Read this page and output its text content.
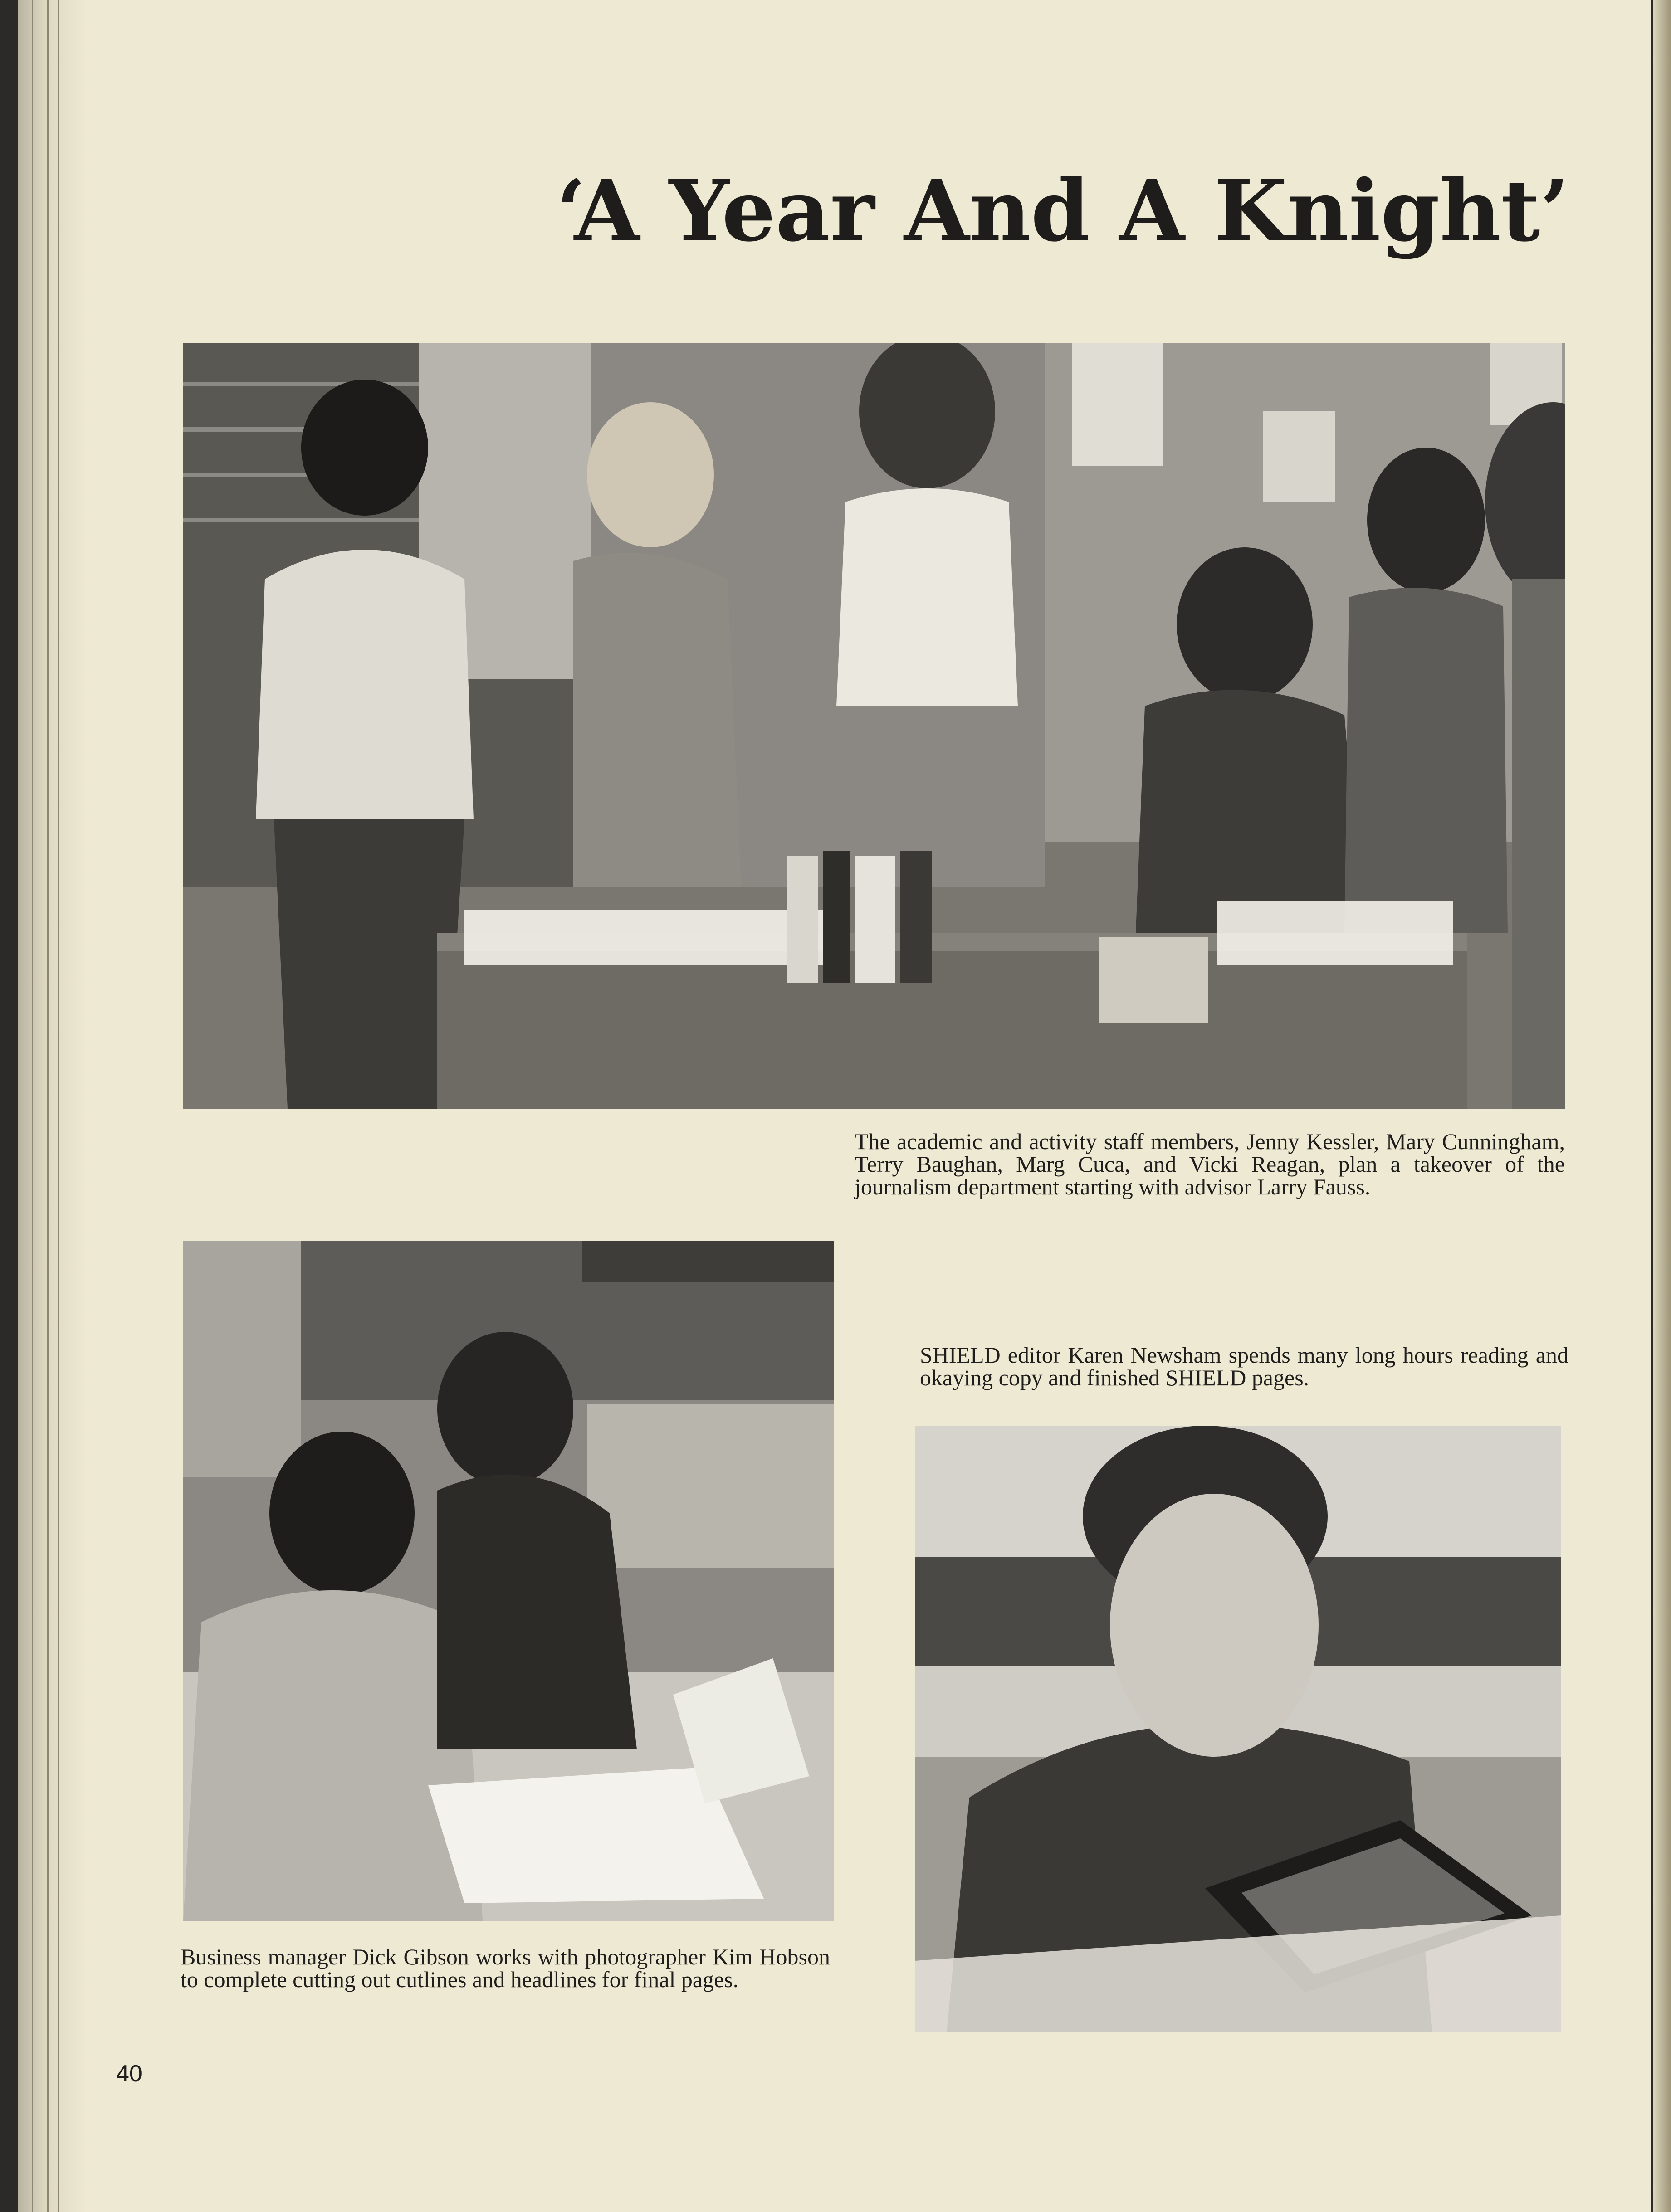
‘A Year And A Knight’

The academic and activity staff members, Jenny Kessler, Mary Cunningham, Terry Baughan, Marg Cuca, and Vicki Reagan, plan a takeover of the journalism department starting with advisor Larry Fauss.

Business manager Dick Gibson works with photographer Kim Hobson to complete cutting out cutlines and headlines for final pages.

SHIELD editor Karen Newsham spends many long hours reading and okaying copy and finished SHIELD pages.

40
